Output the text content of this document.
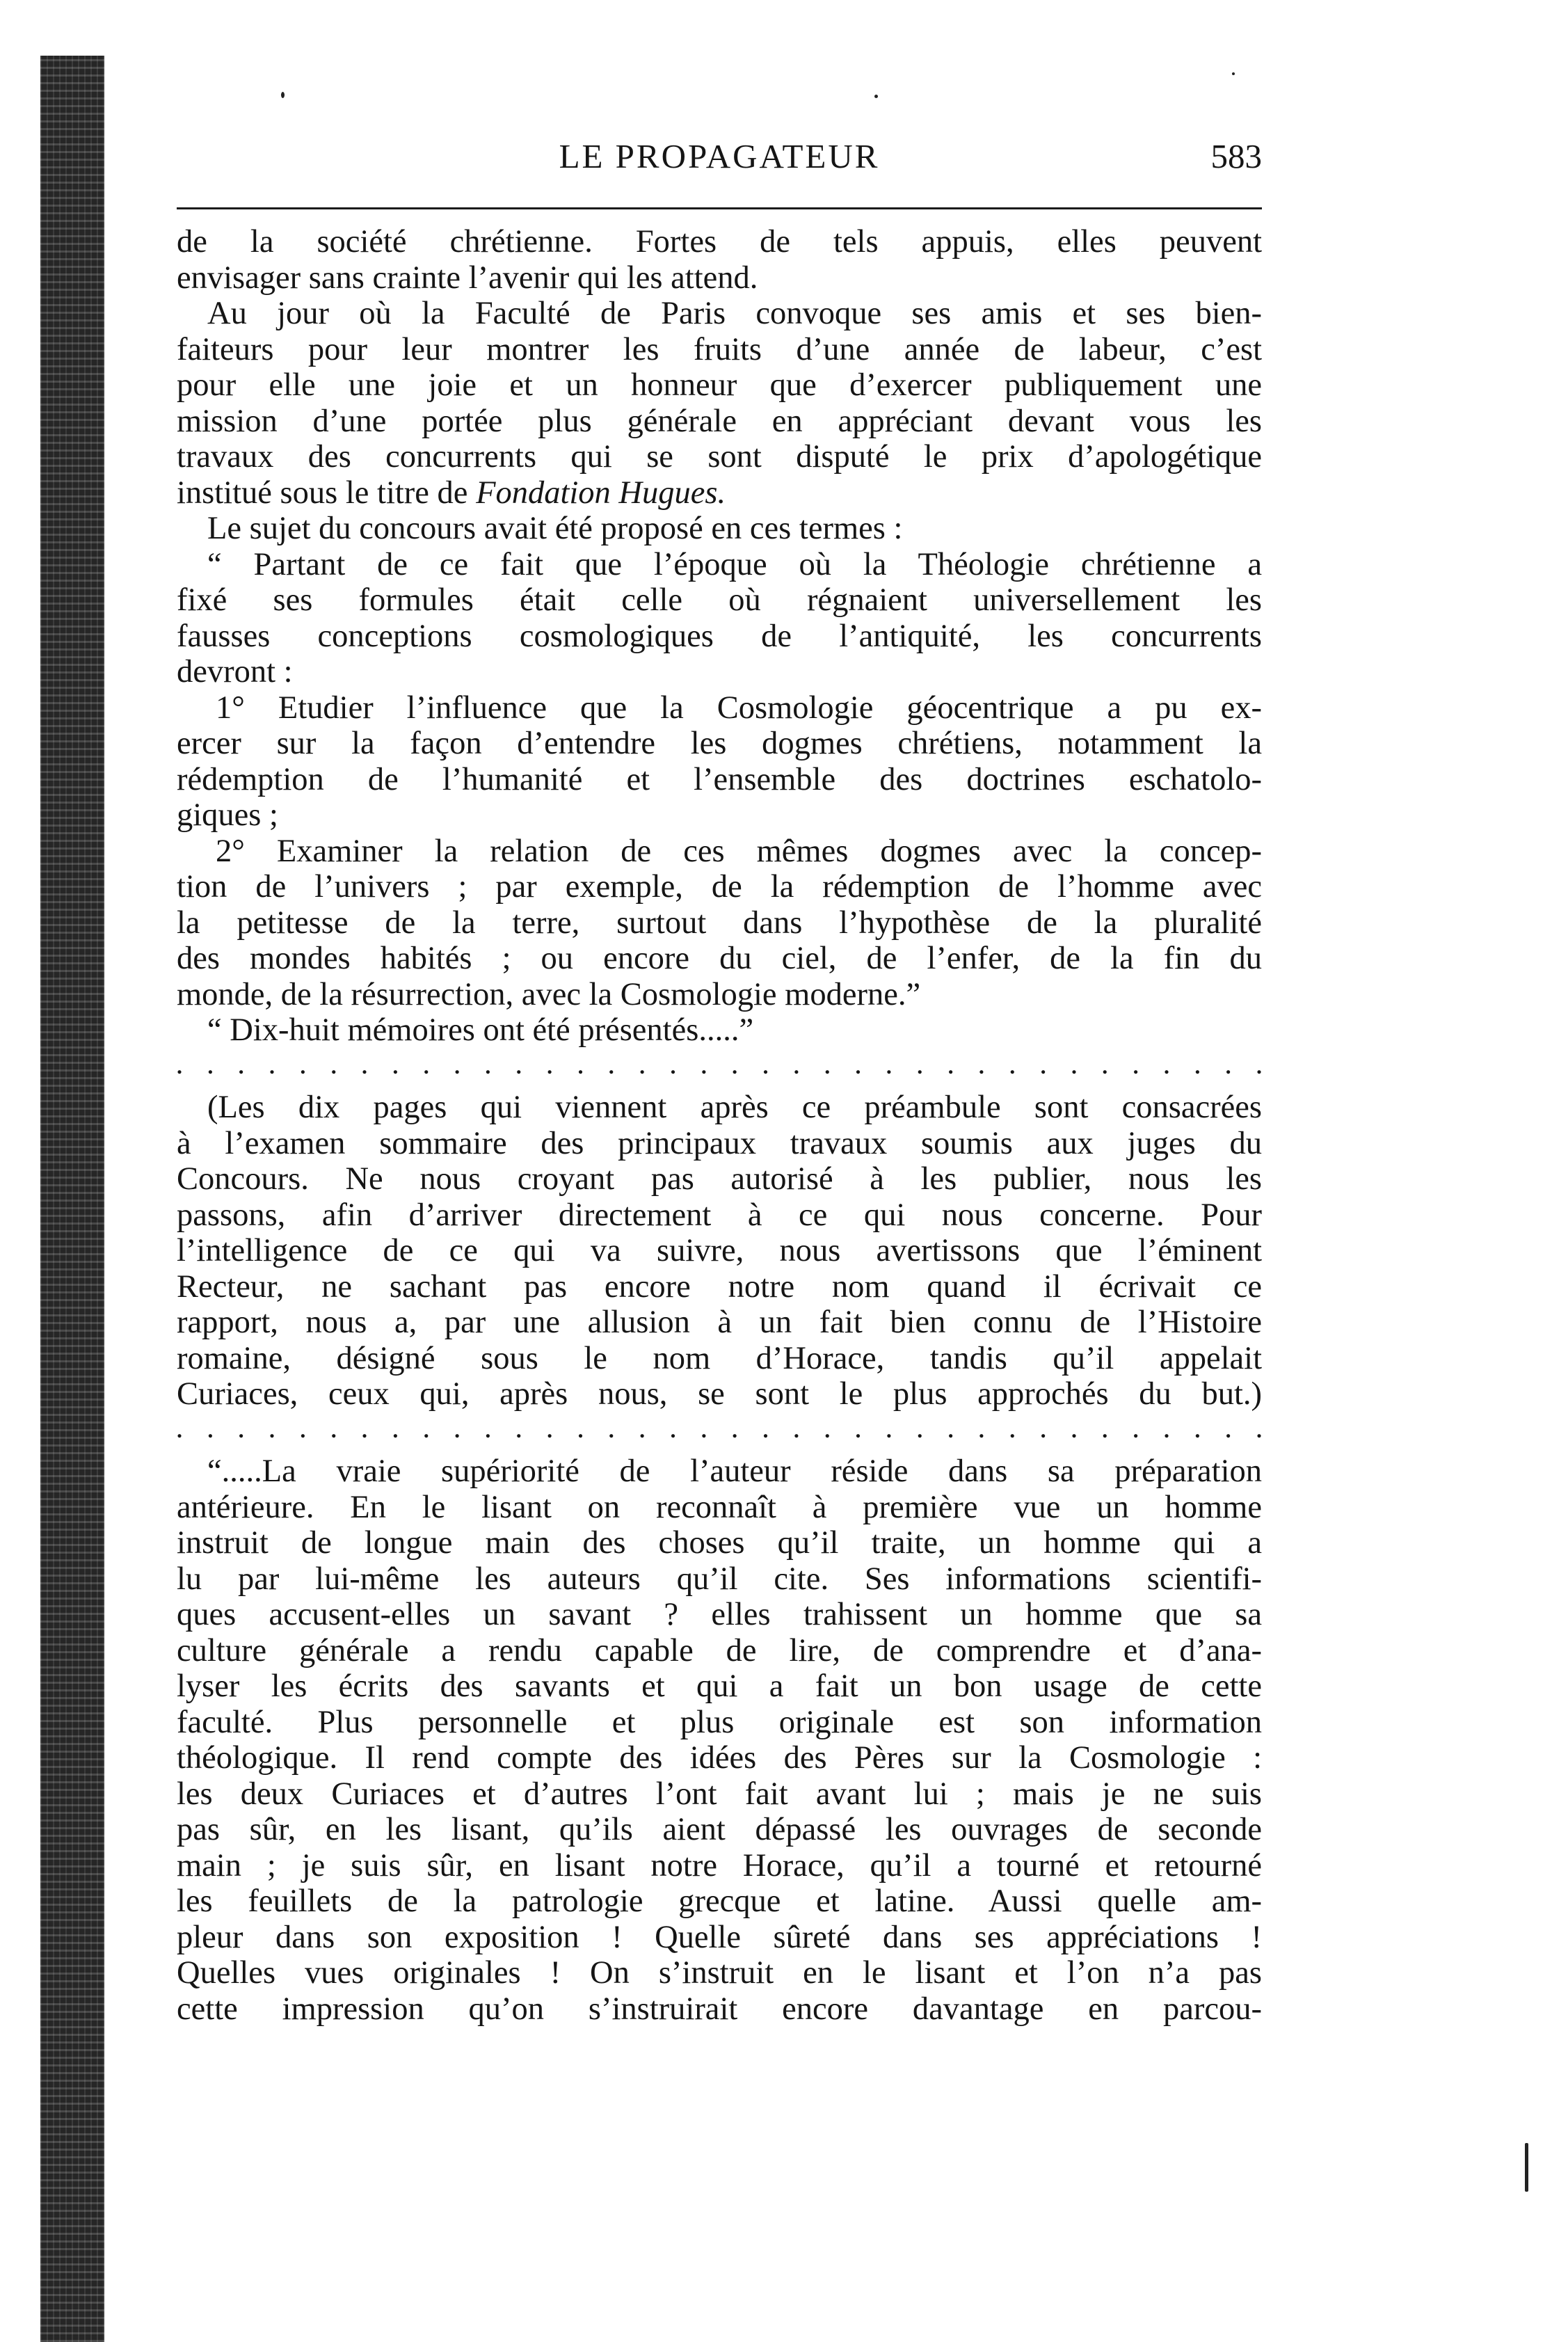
LE PROPAGATEUR	583
de la société chrétienne. Fortes de tels appuis, elles peuvent
envisager sans crainte l’avenir qui les attend.
Au jour où la Faculté de Paris convoque ses amis et ses bien-
faiteurs pour leur montrer les fruits d’une année de labeur, c’est
pour elle une joie et un honneur que d’exercer publiquement une
mission d’une portée plus générale en appréciant devant vous les
travaux des concurrents qui se sont disputé le prix d’apologétique
institué sous le titre de Fondation Hugues.
Le sujet du concours avait été proposé en ces termes :
“ Partant de ce fait que l’époque où la Théologie chrétienne a
fixé ses formules était celle où régnaient universellement les
fausses conceptions cosmologiques de l’antiquité, les concurrents
devront :
1° Etudier l’influence que la Cosmologie géocentrique a pu ex-
ercer sur la façon d’entendre les dogmes chrétiens, notamment la
rédemption de l’humanité et l’ensemble des doctrines eschatolo-
giques ;
2° Examiner la relation de ces mêmes dogmes avec la concep-
tion de l’univers ; par exemple, de la rédemption de l’homme avec
la petitesse de la terre, surtout dans l’hypothèse de la pluralité
des mondes habités ; ou encore du ciel, de l’enfer, de la fin du
monde, de la résurrection, avec la Cosmologie moderne.”
“ Dix-huit mémoires ont été présentés.....”
. . . . . . . . . . . . . . . . . . . . . . . . . . . . . . . . . . . .
(Les dix pages qui viennent après ce préambule sont consacrées
à l’examen sommaire des principaux travaux soumis aux juges du
Concours. Ne nous croyant pas autorisé à les publier, nous les
passons, afin d’arriver directement à ce qui nous concerne. Pour
l’intelligence de ce qui va suivre, nous avertissons que l’éminent
Recteur, ne sachant pas encore notre nom quand il écrivait ce
rapport, nous a, par une allusion à un fait bien connu de l’Histoire
romaine, désigné sous le nom d’Horace, tandis qu’il appelait
Curiaces, ceux qui, après nous, se sont le plus approchés du but.)
. . . . . . . . . . . . . . . . . . . . . . . . . . . . . . . . . . . .
“.....La vraie supériorité de l’auteur réside dans sa préparation
antérieure. En le lisant on reconnaît à première vue un homme
instruit de longue main des choses qu’il traite, un homme qui a
lu par lui-même les auteurs qu’il cite. Ses informations scientifi-
ques accusent-elles un savant ? elles trahissent un homme que sa
culture générale a rendu capable de lire, de comprendre et d’ana-
lyser les écrits des savants et qui a fait un bon usage de cette
faculté. Plus personnelle et plus originale est son information
théologique. Il rend compte des idées des Pères sur la Cosmologie :
les deux Curiaces et d’autres l’ont fait avant lui ; mais je ne suis
pas sûr, en les lisant, qu’ils aient dépassé les ouvrages de seconde
main ; je suis sûr, en lisant notre Horace, qu’il a tourné et retourné
les feuillets de la patrologie grecque et latine. Aussi quelle am-
pleur dans son exposition ! Quelle sûreté dans ses appréciations !
Quelles vues originales ! On s’instruit en le lisant et l’on n’a pas
cette impression qu’on s’instruirait encore davantage en parcou-
